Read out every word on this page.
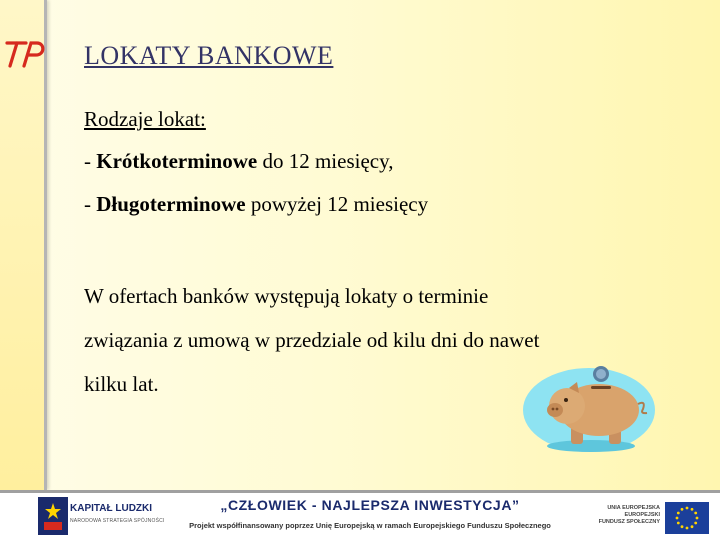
LOKATY BANKOWE

Rodzaje lokat:

- Krótkoterminowe do 12 miesięcy,

- Długoterminowe powyżej 12 miesięcy

W ofertach banków występują lokaty o terminie związania z umową w przedziale od kilu dni do nawet kilku lat.

KAPITAŁ LUDZKI
NARODOWA STRATEGIA SPÓJNOŚCI
„CZŁOWIEK - NAJLEPSZA INWESTYCJA”
Projekt współfinansowany poprzez Unię Europejską w ramach Europejskiego Funduszu Społecznego
UNIA EUROPEJSKA
EUROPEJSKI
FUNDUSZ SPOŁECZNY
